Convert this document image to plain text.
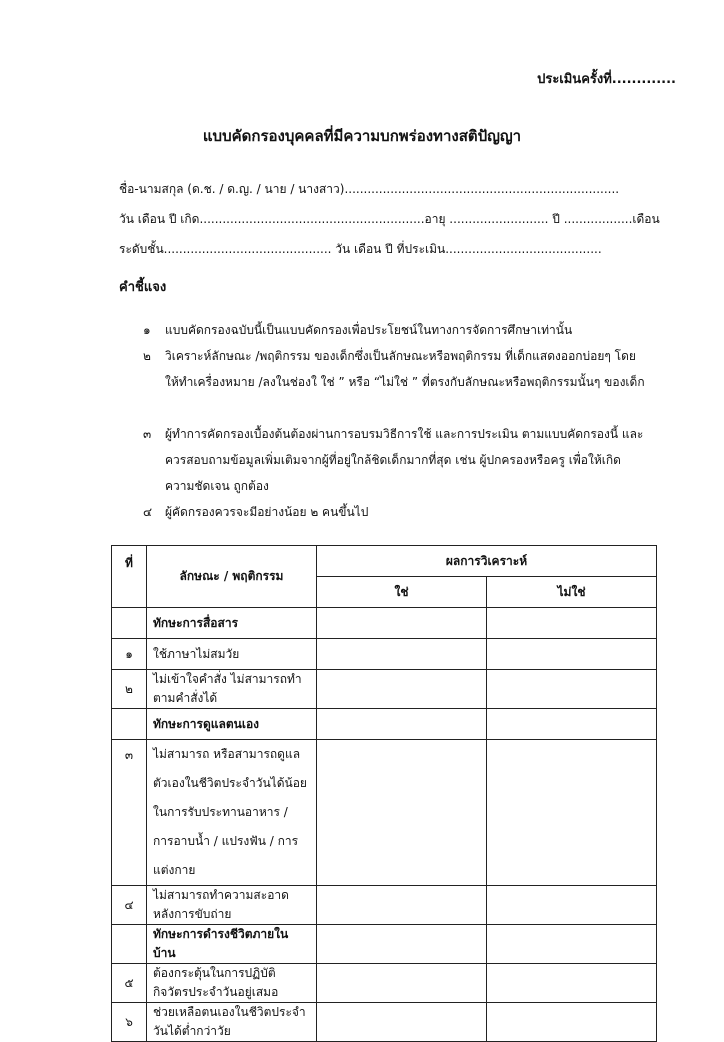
ประเมินครั้งที่.............
แบบคัดกรองบุคคลที่มีความบกพร่องทางสติปัญญา
ชื่อ-นามสกุล (ด.ช. / ด.ญ. / นาย / นางสาว)........................................................................
วัน เดือน ปี เกิด...........................................................อายุ .......................... ปี ..................เดือน
ระดับชั้น............................................ วัน เดือน ปี ที่ประเมิน.........................................
คำชี้แจง
๑ แบบคัดกรองฉบับนี้เป็นแบบคัดกรองเพื่อประโยชน์ในทางการจัดการศึกษาเท่านั้น
๒ วิเคราะห์ลักษณะ /พฤติกรรม ของเด็กซึ่งเป็นลักษณะหรือพฤติกรรม ที่เด็กแสดงออกบ่อยๆ โดยให้ทำเครื่องหมาย /ลงในช่องใ ใช่ ” หรือ “ไม่ใช่ ” ที่ตรงกับลักษณะหรือพฤติกรรมนั้นๆ ของเด็ก
๓ ผู้ทำการคัดกรองเบื้องต้นต้องผ่านการอบรมวิธีการใช้ และการประเมิน ตามแบบคัดกรองนี้ และควรสอบถามข้อมูลเพิ่มเติมจากผู้ที่อยู่ใกล้ชิดเด็กมากที่สุด เช่น ผู้ปกครองหรือครู เพื่อให้เกิดความชัดเจน ถูกต้อง
๔ ผู้คัดกรองควรจะมีอย่างน้อย ๒ คนขึ้นไป
ที่	ลักษณะ / พฤติกรรม	ผลการวิเคราะห์	
		ใช่	ไม่ใช่
	ทักษะการสื่อสาร		
๑	ใช้ภาษาไม่สมวัย		
๒	ไม่เข้าใจคำสั่ง ไม่สามารถทำตามคำสั่งได้		
	ทักษะการดูแลตนเอง		
๓	ไม่สามารถ หรือสามารถดูแลตัวเองในชีวิตประจำวันได้น้อย ในการรับประทานอาหาร / การอาบน้ำ / แปรงฟัน / การแต่งกาย		
๔	ไม่สามารถทำความสะอาดหลังการขับถ่าย		
	ทักษะการดำรงชีวิตภายในบ้าน		
๕	ต้องกระตุ้นในการปฏิบัติกิจวัตรประจำวันอยู่เสมอ		
๖	ช่วยเหลือตนเองในชีวิตประจำวันได้ต่ำกว่าวัย		
